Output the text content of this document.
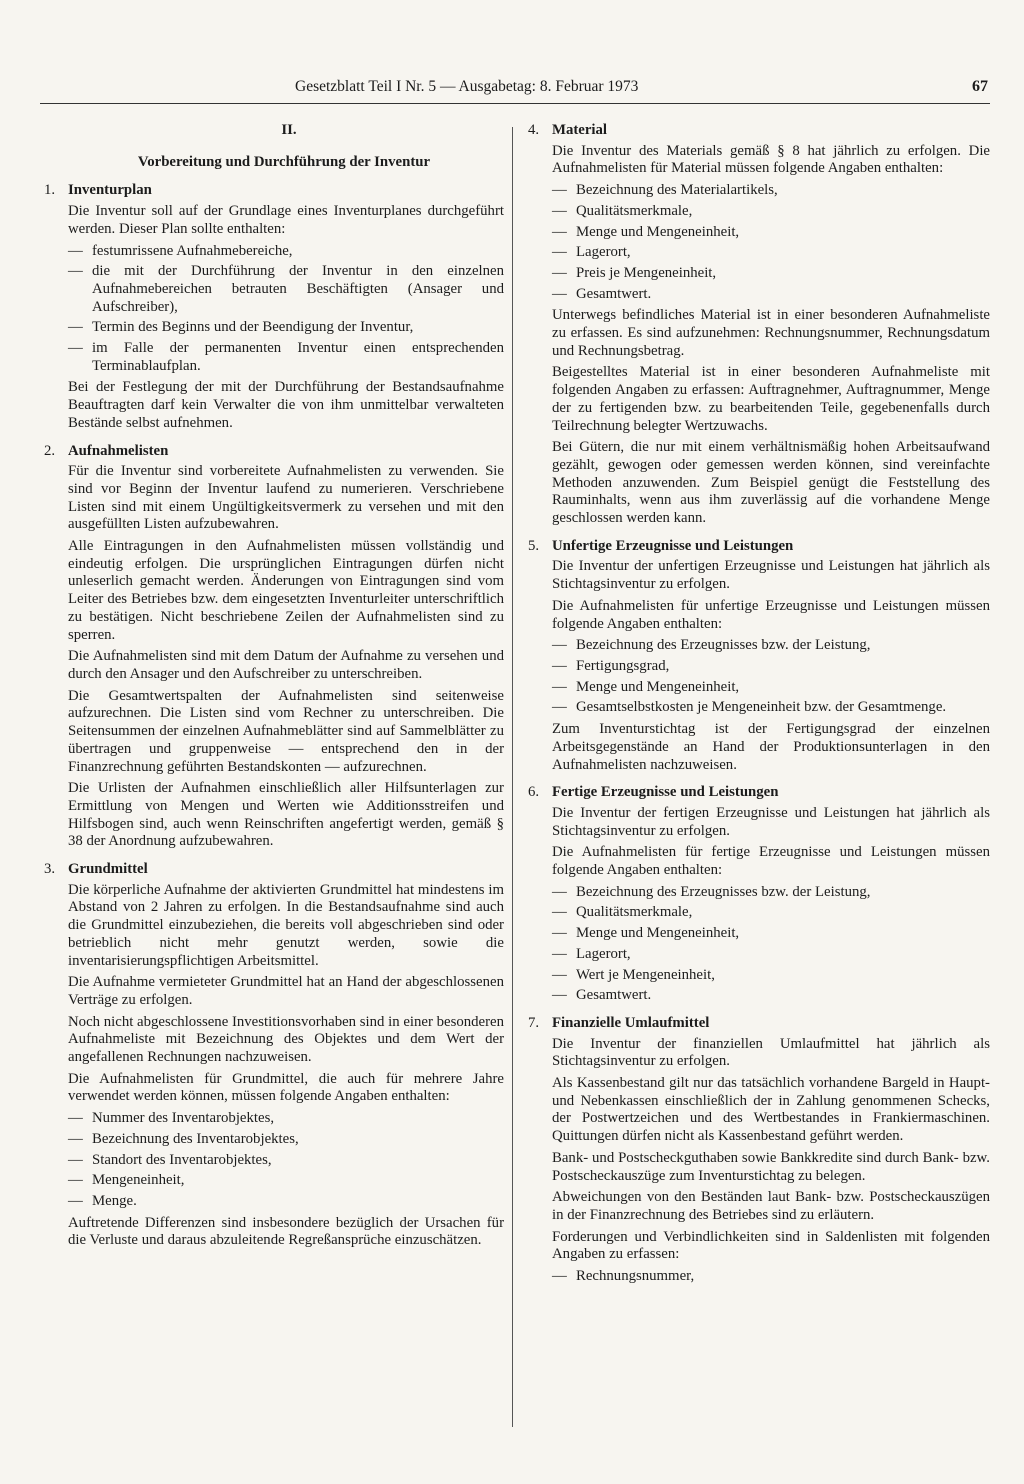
Gesetzblatt Teil I Nr. 5 — Ausgabetag: 8. Februar 1973	67
II.
Vorbereitung und Durchführung der Inventur
1. Inventurplan

Die Inventur soll auf der Grundlage eines Inventurplanes durchgeführt werden. Dieser Plan sollte enthalten:

— festumrissene Aufnahmebereiche,
— die mit der Durchführung der Inventur in den einzelnen Aufnahmebereichen betrauten Beschäftigten (Ansager und Aufschreiber),
— Termin des Beginns und der Beendigung der Inventur,
— im Falle der permanenten Inventur einen entsprechenden Terminablaufplan.

Bei der Festlegung der mit der Durchführung der Bestandsaufnahme Beauftragten darf kein Verwalter die von ihm unmittelbar verwalteten Bestände selbst aufnehmen.

2. Aufnahmelisten

Für die Inventur sind vorbereitete Aufnahmelisten zu verwenden. Sie sind vor Beginn der Inventur laufend zu numerieren. Verschriebene Listen sind mit einem Ungültigkeitsvermerk zu versehen und mit den ausgefüllten Listen aufzubewahren.

Alle Eintragungen in den Aufnahmelisten müssen vollständig und eindeutig erfolgen. Die ursprünglichen Eintragungen dürfen nicht unleserlich gemacht werden. Änderungen von Eintragungen sind vom Leiter des Betriebes bzw. dem eingesetzten Inventurleiter unterschriftlich zu bestätigen. Nicht beschriebene Zeilen der Aufnahmelisten sind zu sperren.

Die Aufnahmelisten sind mit dem Datum der Aufnahme zu versehen und durch den Ansager und den Aufschreiber zu unterschreiben.

Die Gesamtwertspalten der Aufnahmelisten sind seitenweise aufzurechnen. Die Listen sind vom Rechner zu unterschreiben. Die Seitensummen der einzelnen Aufnahmeblätter sind auf Sammelblätter zu übertragen und gruppenweise — entsprechend den in der Finanzrechnung geführten Bestandskonten — aufzurechnen.

Die Urlisten der Aufnahmen einschließlich aller Hilfsunterlagen zur Ermittlung von Mengen und Werten wie Additionsstreifen und Hilfsbogen sind, auch wenn Reinschriften angefertigt werden, gemäß § 38 der Anordnung aufzubewahren.

3. Grundmittel

Die körperliche Aufnahme der aktivierten Grundmittel hat mindestens im Abstand von 2 Jahren zu erfolgen. In die Bestandsaufnahme sind auch die Grundmittel einzubeziehen, die bereits voll abgeschrieben sind oder betrieblich nicht mehr genutzt werden, sowie die inventarisierungspflichtigen Arbeitsmittel.

Die Aufnahme vermieteter Grundmittel hat an Hand der abgeschlossenen Verträge zu erfolgen.

Noch nicht abgeschlossene Investitionsvorhaben sind in einer besonderen Aufnahmeliste mit Bezeichnung des Objektes und dem Wert der angefallenen Rechnungen nachzuweisen.

Die Aufnahmelisten für Grundmittel, die auch für mehrere Jahre verwendet werden können, müssen folgende Angaben enthalten:

— Nummer des Inventarobjektes,
— Bezeichnung des Inventarobjektes,
— Standort des Inventarobjektes,
— Mengeneinheit,
— Menge.

Auftretende Differenzen sind insbesondere bezüglich der Ursachen für die Verluste und daraus abzuleitende Regreßansprüche einzuschätzen.

4. Material

Die Inventur des Materials gemäß § 8 hat jährlich zu erfolgen. Die Aufnahmelisten für Material müssen folgende Angaben enthalten:

— Bezeichnung des Materialartikels,
— Qualitätsmerkmale,
— Menge und Mengeneinheit,
— Lagerort,
— Preis je Mengeneinheit,
— Gesamtwert.

Unterwegs befindliches Material ist in einer besonderen Aufnahmeliste zu erfassen. Es sind aufzunehmen: Rechnungsnummer, Rechnungsdatum und Rechnungsbetrag.

Beigestelltes Material ist in einer besonderen Aufnahmeliste mit folgenden Angaben zu erfassen: Auftragnehmer, Auftragnummer, Menge der zu fertigenden bzw. zu bearbeitenden Teile, gegebenenfalls durch Teilrechnung belegter Wertzuwachs.

Bei Gütern, die nur mit einem verhältnismäßig hohen Arbeitsaufwand gezählt, gewogen oder gemessen werden können, sind vereinfachte Methoden anzuwenden. Zum Beispiel genügt die Feststellung des Rauminhalts, wenn aus ihm zuverlässig auf die vorhandene Menge geschlossen werden kann.

5. Unfertige Erzeugnisse und Leistungen

Die Inventur der unfertigen Erzeugnisse und Leistungen hat jährlich als Stichtagsinventur zu erfolgen.

Die Aufnahmelisten für unfertige Erzeugnisse und Leistungen müssen folgende Angaben enthalten:

— Bezeichnung des Erzeugnisses bzw. der Leistung,
— Fertigungsgrad,
— Menge und Mengeneinheit,
— Gesamtselbstkosten je Mengeneinheit bzw. der Gesamtmenge.

Zum Inventurstichtag ist der Fertigungsgrad der einzelnen Arbeitsgegenstände an Hand der Produktionsunterlagen in den Aufnahmelisten nachzuweisen.

6. Fertige Erzeugnisse und Leistungen

Die Inventur der fertigen Erzeugnisse und Leistungen hat jährlich als Stichtagsinventur zu erfolgen.

Die Aufnahmelisten für fertige Erzeugnisse und Leistungen müssen folgende Angaben enthalten:

— Bezeichnung des Erzeugnisses bzw. der Leistung,
— Qualitätsmerkmale,
— Menge und Mengeneinheit,
— Lagerort,
— Wert je Mengeneinheit,
— Gesamtwert.
7. Finanzielle Umlaufmittel

Die Inventur der finanziellen Umlaufmittel hat jährlich als Stichtagsinventur zu erfolgen.

Als Kassenbestand gilt nur das tatsächlich vorhandene Bargeld in Haupt- und Nebenkassen einschließlich der in Zahlung genommenen Schecks, der Postwertzeichen und des Wertbestandes in Frankiermaschinen. Quittungen dürfen nicht als Kassenbestand geführt werden.

Bank- und Postscheckguthaben sowie Bankkredite sind durch Bank- bzw. Postscheckauszüge zum Inventurstichtag zu belegen.

Abweichungen von den Beständen laut Bank- bzw. Postscheckauszügen in der Finanzrechnung des Betriebes sind zu erläutern.

Forderungen und Verbindlichkeiten sind in Saldenlisten mit folgenden Angaben zu erfassen:

— Rechnungsnummer,
